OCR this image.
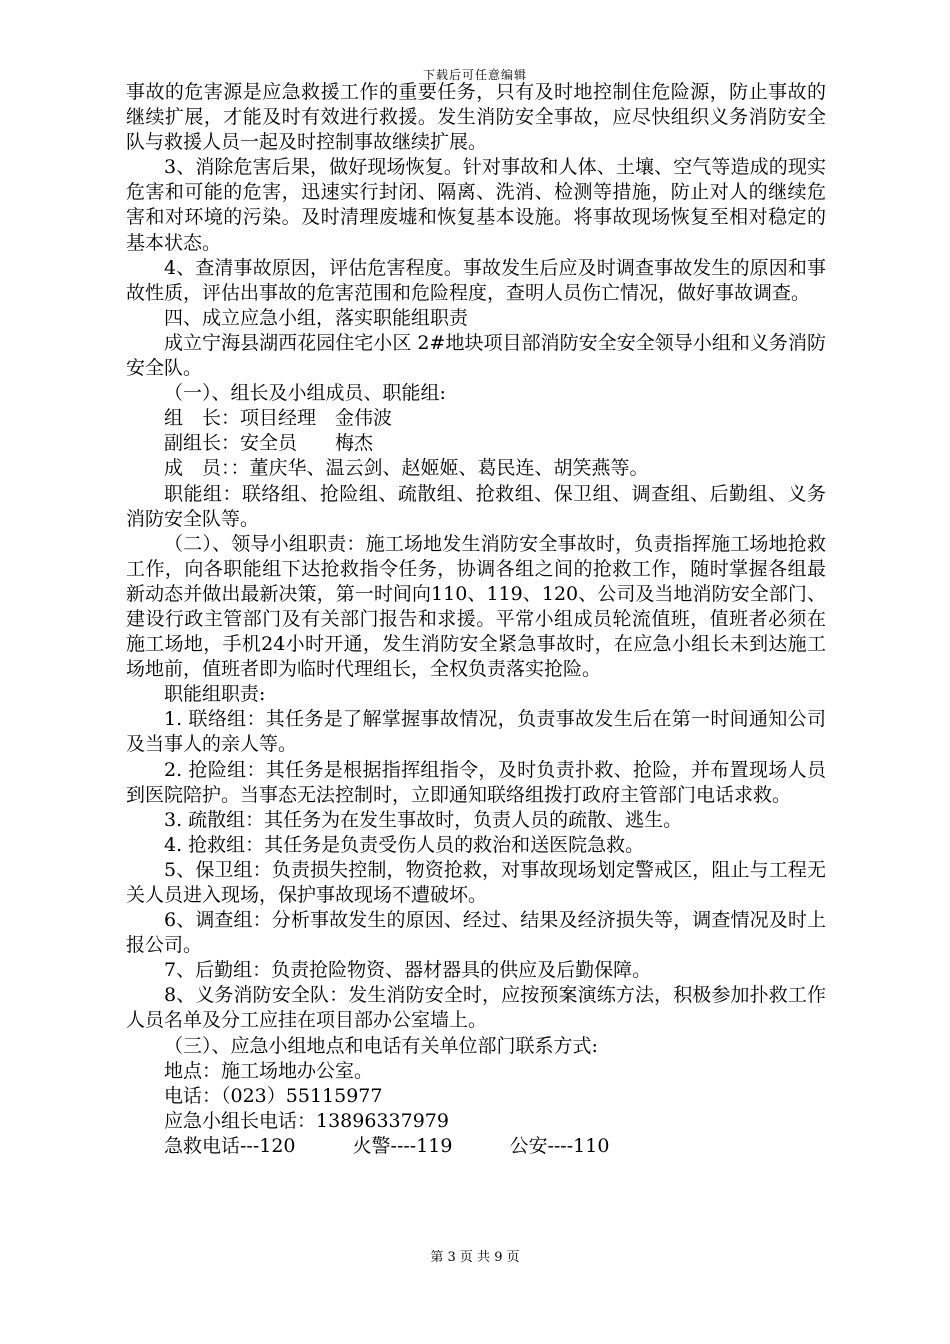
下载后可任意编辑

事故的危害源是应急救援工作的重要任务，只有及时地控制住危险源，防止事故的继续扩展，才能及时有效进行救援。发生消防安全事故，应尽快组织义务消防安全队与救援人员一起及时控制事故继续扩展。

3、消除危害后果，做好现场恢复。针对事故和人体、土壤、空气等造成的现实危害和可能的危害，迅速实行封闭、隔离、洗消、检测等措施，防止对人的继续危害和对环境的污染。及时清理废墟和恢复基本设施。将事故现场恢复至相对稳定的基本状态。

4、查清事故原因，评估危害程度。事故发生后应及时调查事故发生的原因和事故性质，评估出事故的危害范围和危险程度，查明人员伤亡情况，做好事故调查。

四、成立应急小组，落实职能组职责

成立宁海县湖西花园住宅小区 2#地块项目部消防安全安全领导小组和义务消防安全队。

（一）、组长及小组成员、职能组:

组　长：项目经理　金伟波

副组长：安全员　　梅杰

成　员：：董庆华、温云剑、赵姬姬、葛民连、胡笑燕等。

职能组：联络组、抢险组、疏散组、抢救组、保卫组、调查组、后勤组、义务消防安全队等。

（二）、领导小组职责：施工场地发生消防安全事故时，负责指挥施工场地抢救工作，向各职能组下达抢救指令任务，协调各组之间的抢救工作，随时掌握各组最新动态并做出最新决策，第一时间向110、119、120、公司及当地消防安全部门、建设行政主管部门及有关部门报告和求援。平常小组成员轮流值班，值班者必须在施工场地，手机24小时开通，发生消防安全紧急事故时，在应急小组长未到达施工场地前，值班者即为临时代理组长，全权负责落实抢险。

职能组职责:

1. 联络组：其任务是了解掌握事故情况，负责事故发生后在第一时间通知公司及当事人的亲人等。

2. 抢险组：其任务是根据指挥组指令，及时负责扑救、抢险，并布置现场人员到医院陪护。当事态无法控制时，立即通知联络组拨打政府主管部门电话求救。

3. 疏散组：其任务为在发生事故时，负责人员的疏散、逃生。

4. 抢救组：其任务是负责受伤人员的救治和送医院急救。

5、保卫组：负责损失控制，物资抢救，对事故现场划定警戒区，阻止与工程无关人员进入现场，保护事故现场不遭破坏。

6、调查组：分析事故发生的原因、经过、结果及经济损失等，调查情况及时上报公司。

7、后勤组：负责抢险物资、器材器具的供应及后勤保障。

8、义务消防安全队：发生消防安全时，应按预案演练方法，积极参加扑救工作人员名单及分工应挂在项目部办公室墙上。

（三）、应急小组地点和电话有关单位部门联系方式:

地点：施工场地办公室。

电话：（023）55115977

应急小组长电话：13896337979

急救电话---120　　　火警----119　　　公安----110

第 3 页 共 9 页
